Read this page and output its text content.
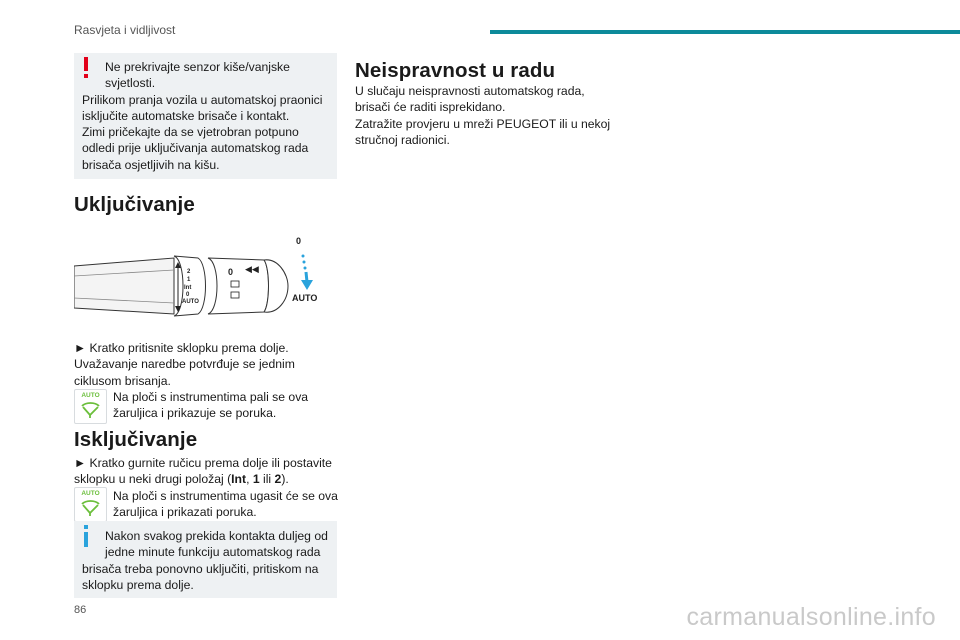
Rasvjeta i vidljivost
Ne prekrivajte senzor kiše/vanjske
svjetlosti.
Prilikom pranja vozila u automatskoj praonici
isključite automatske brisače i kontakt.
Zimi pričekajte da se vjetrobran potpuno
odledi prije uključivanja automatskog rada
brisača osjetljivih na kišu.
Uključivanje
2
1
Int
0
AUTO
0 ◀◀
0
AUTO
► Kratko pritisnite sklopku prema dolje.
Uvažavanje naredbe potvrđuje se jednim
ciklusom brisanja.
AUTO	Na ploči s instrumentima pali se ova
žaruljica i prikazuje se poruka.
Isključivanje
► Kratko gurnite ručicu prema dolje ili postavite
sklopku u neki drugi položaj (Int, 1 ili 2).
AUTO	Na ploči s instrumentima ugasit će se ova
žaruljica i prikazati poruka.
Nakon svakog prekida kontakta duljeg od
jedne minute funkciju automatskog rada
brisača treba ponovno uključiti, pritiskom na
sklopku prema dolje.
Neispravnost u radu
U slučaju neispravnosti automatskog rada,
brisači će raditi isprekidano.
Zatražite provjeru u mreži PEUGEOT ili u nekoj
stručnoj radionici.
86	carmanualsonline.info
